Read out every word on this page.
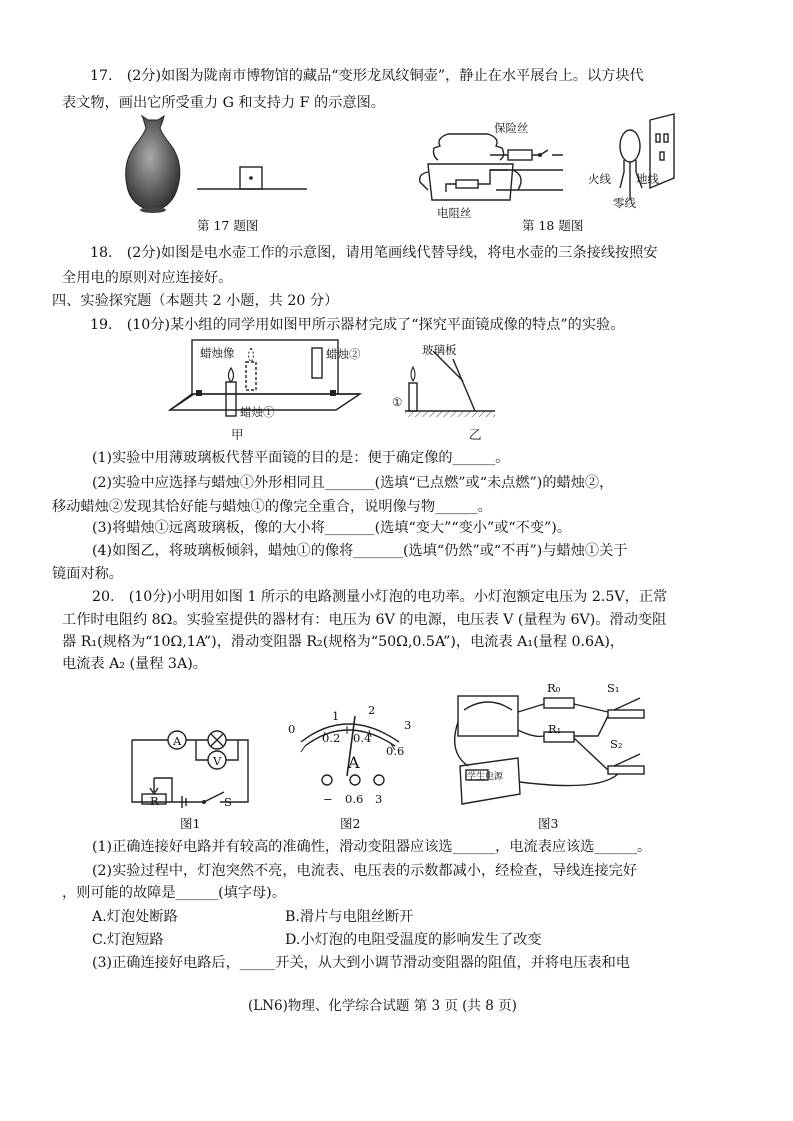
17.　(2分)如图为陇南市博物馆的藏品“变形龙凤纹铜壶”，静止在水平展台上。以方块代
表文物，画出它所受重力 G 和支持力 F 的示意图。
第 17 题图
保险丝
电阻丝
火线 地线
零线
第 18 题图
18.　(2分)如图是电水壶工作的示意图，请用笔画线代替导线，将电水壶的三条接线按照安
全用电的原则对应连接好。
四、实验探究题（本题共 2 小题，共 20 分）
19.　(10分)某小组的同学用如图甲所示器材完成了“探究平面镜成像的特点”的实验。
蜡烛像	蜡烛②
蜡烛①
甲
玻璃板
①
乙
(1)实验中用薄玻璃板代替平面镜的目的是：便于确定像的______。
(2)实验中应选择与蜡烛①外形相同且_______(选填“已点燃”或“未点燃”)的蜡烛②，
移动蜡烛②发现其恰好能与蜡烛①的像完全重合，说明像与物______。
(3)将蜡烛①远离玻璃板，像的大小将_______(选填“变大”“变小”或“不变”)。
(4)如图乙，将玻璃板倾斜，蜡烛①的像将_______(选填“仍然”或“不再”)与蜡烛①关于
镜面对称。
20.　(10分)小明用如图 1 所示的电路测量小灯泡的电功率。小灯泡额定电压为 2.5V，正常
工作时电阻约 8Ω。实验室提供的器材有：电压为 6V 的电源，电压表 V (量程为 6V)。滑动变阻
器 R₁(规格为“10Ω,1A”)，滑动变阻器 R₂(规格为“50Ω,0.5A”)，电流表 A₁(量程 0.6A)，
电流表 A₂ (量程 3A)。
A
V
R	S
图1
0
0.2 0.4
0.6
1 2
3
A
− 0.6 3
图2
R₀
R₁
S₁
S₂
学生电源
图3
(1)正确连接好电路并有较高的准确性，滑动变阻器应该选______，电流表应该选______。
(2)实验过程中，灯泡突然不亮，电流表、电压表的示数都减小，经检查，导线连接完好
，则可能的故障是______(填字母)。
A.灯泡处断路	B.滑片与电阻丝断开
C.灯泡短路	D.小灯泡的电阻受温度的影响发生了改变
(3)正确连接好电路后，_____开关，从大到小调节滑动变阻器的阻值，并将电压表和电
(LN6)物理、化学综合试题 第 3 页 (共 8 页)
